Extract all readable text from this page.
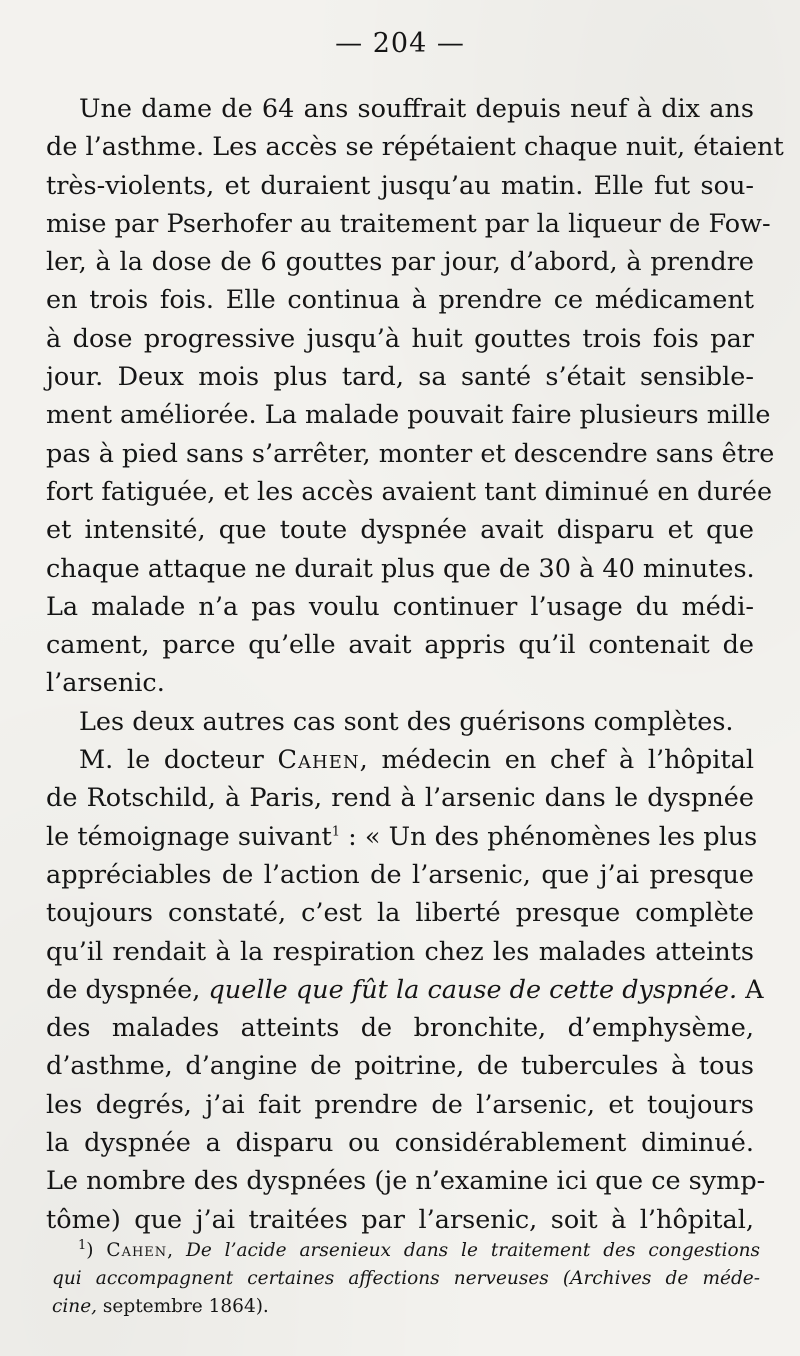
— 204 —
Une dame de 64 ans souffrait depuis neuf à dix ans
de l’asthme. Les accès se répétaient chaque nuit, étaient
très-violents, et duraient jusqu’au matin. Elle fut sou-
mise par Pserhofer au traitement par la liqueur de Fow-
ler, à la dose de 6 gouttes par jour, d’abord, à prendre
en trois fois. Elle continua à prendre ce médicament
à dose progressive jusqu’à huit gouttes trois fois par
jour. Deux mois plus tard, sa santé s’était sensible-
ment améliorée. La malade pouvait faire plusieurs mille
pas à pied sans s’arrêter, monter et descendre sans être
fort fatiguée, et les accès avaient tant diminué en durée
et intensité, que toute dyspnée avait disparu et que
chaque attaque ne durait plus que de 30 à 40 minutes.
La malade n’a pas voulu continuer l’usage du médi-
cament, parce qu’elle avait appris qu’il contenait de
l’arsenic.
Les deux autres cas sont des guérisons complètes.
M. le docteur Cahen, médecin en chef à l’hôpital
de Rotschild, à Paris, rend à l’arsenic dans le dyspnée
le témoignage suivant$^1$ : « Un des phénomènes les plus
appréciables de l’action de l’arsenic, que j’ai presque
toujours constaté, c’est la liberté presque complète
qu’il rendait à la respiration chez les malades atteints
de dyspnée, quelle que fût la cause de cette dyspnée. A
des malades atteints de bronchite, d’emphysème,
d’asthme, d’angine de poitrine, de tubercules à tous
les degrés, j’ai fait prendre de l’arsenic, et toujours
la dyspnée a disparu ou considérablement diminué.
Le nombre des dyspnées (je n’examine ici que ce symp-
tôme) que j’ai traitées par l’arsenic, soit à l’hôpital,
$^1$) Cahen, De l’acide arsenieux dans le traitement des congestions
qui accompagnent certaines affections nerveuses (Archives de méde-
cine, septembre 1864).
